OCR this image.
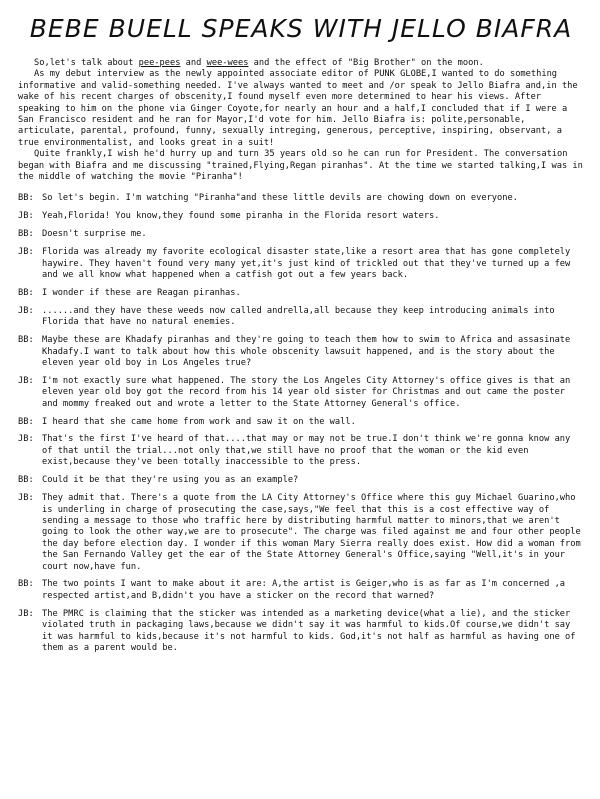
BEBE BUELL SPEAKS WITH JELLO BIAFRA

So,let's talk about pee-pees and wee-wees and the effect of "Big Brother" on the moon.

As my debut interview as the newly appointed associate editor of PUNK GLOBE,I wanted to do something informative and valid-something needed. I've always wanted to meet and /or speak to Jello Biafra and,in the wake of his recent charges of obscenity,I found myself even more determined to hear his views. After speaking to him on the phone via Ginger Coyote,for nearly an hour and a half,I concluded that if I were a San Francisco resident and he ran for Mayor,I'd vote for him. Jello Biafra is: polite,personable, articulate, parental, profound, funny, sexually intreging, generous, perceptive, inspiring, observant, a true environmentalist, and looks great in a suit!

Quite frankly,I wish he'd hurry up and turn 35 years old so he can run for President. The conversation began with Biafra and me discussing "trained,Flying,Regan piranhas". At the time we started talking,I was in the middle of watching the movie "Piranha"!

BB: So let's begin. I'm watching "Piranha"and these little devils are chowing down on everyone.
JB: Yeah,Florida! You know,they found some piranha in the Florida resort waters.
BB: Doesn't surprise me.
JB: Florida was already my favorite ecological disaster state,like a resort area that has gone completely haywire. They haven't found very many yet,it's just kind of trickled out that they've turned up a few and we all know what happened when a catfish got out a few years back.
BB: I wonder if these are Reagan piranhas.
JB: ......and they have these weeds now called andrella,all because they keep introducing animals into Florida that have no natural enemies.
BB: Maybe these are Khadafy piranhas and they're going to teach them how to swim to Africa and assasinate Khadafy.I want to talk about how this whole obscenity lawsuit happened, and is the story about the eleven year old boy in Los Angeles true?
JB: I'm not exactly sure what happened. The story the Los Angeles City Attorney's office gives is that an eleven year old boy got the record from his 14 year old sister for Christmas and out came the poster and mommy freaked out and wrote a letter to the State Attorney General's office.
BB: I heard that she came home from work and saw it on the wall.
JB: That's the first I've heard of that....that may or may not be true.I don't think we're gonna know any of that until the trial...not only that,we still have no proof that the woman or the kid even exist,because they've been totally inaccessible to the press.
BB: Could it be that they're using you as an example?
JB: They admit that. There's a quote from the LA City Attorney's Office where this guy Michael Guarino,who is underling in charge of prosecuting the case,says,"We feel that this is a cost effective way of sending a message to those who traffic here by distributing harmful matter to minors,that we aren't going to look the other way,we are to prosecute". The charge was filed against me and four other people the day before election day. I wonder if this woman Mary Sierra really does exist. How did a woman from the San Fernando Valley get the ear of the State Attorney General's Office,saying "Well,it's in your court now,have fun.
BB: The two points I want to make about it are: A,the artist is Geiger,who is as far as I'm concerned ,a respected artist,and B,didn't you have a sticker on the record that warned?
JB: The PMRC is claiming that the sticker was intended as a marketing device(what a lie), and the sticker violated truth in packaging laws,because we didn't say it was harmful to kids.Of course,we didn't say it was harmful to kids,because it's not harmful to kids. God,it's not half as harmful as having one of them as a parent would be.
